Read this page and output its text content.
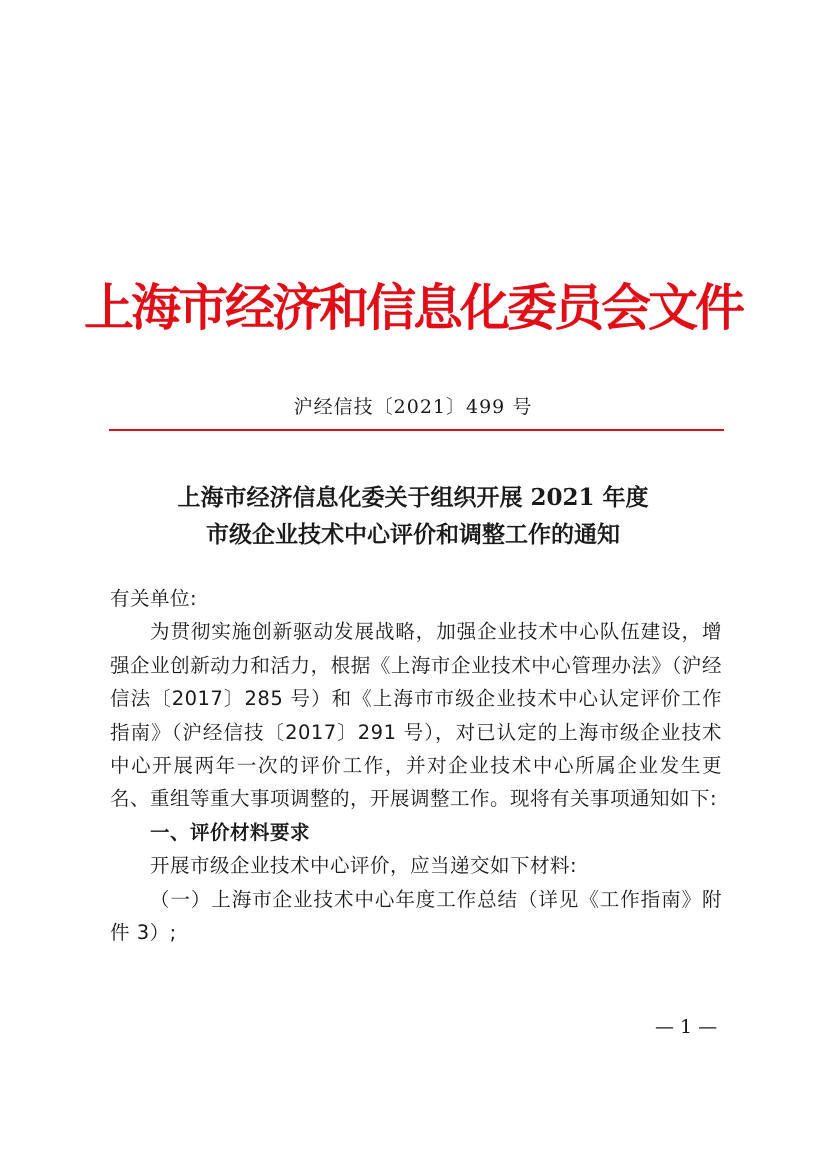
上海市经济和信息化委员会文件
沪经信技〔2021〕499 号
上海市经济信息化委关于组织开展 2021 年度
市级企业技术中心评价和调整工作的通知

有关单位:

为贯彻实施创新驱动发展战略，加强企业技术中心队伍建设，增强企业创新动力和活力，根据《上海市企业技术中心管理办法》（沪经信法〔2017〕285 号）和《上海市市级企业技术中心认定评价工作指南》（沪经信技〔2017〕291 号），对已认定的上海市级企业技术中心开展两年一次的评价工作，并对企业技术中心所属企业发生更名、重组等重大事项调整的，开展调整工作。现将有关事项通知如下:

一、评价材料要求

开展市级企业技术中心评价，应当递交如下材料:

（一）上海市企业技术中心年度工作总结（详见《工作指南》附件 3）;

— 1 —
